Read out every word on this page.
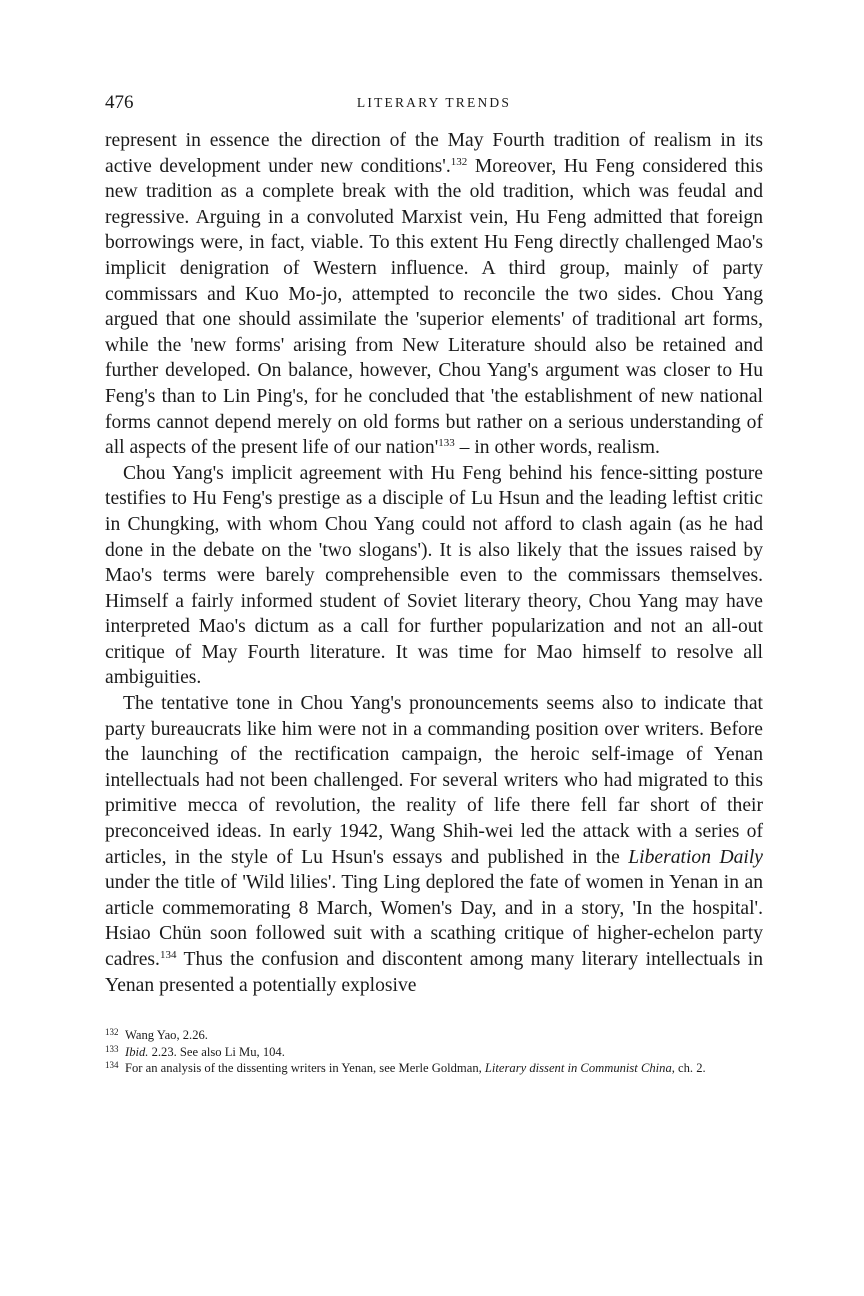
476	LITERARY TRENDS

represent in essence the direction of the May Fourth tradition of realism in its active development under new conditions'.$^{132}$ Moreover, Hu Feng considered this new tradition as a complete break with the old tradition, which was feudal and regressive. Arguing in a convoluted Marxist vein, Hu Feng admitted that foreign borrowings were, in fact, viable. To this extent Hu Feng directly challenged Mao's implicit denigration of Western influence. A third group, mainly of party commissars and Kuo Mo-jo, attempted to reconcile the two sides. Chou Yang argued that one should assimilate the 'superior elements' of traditional art forms, while the 'new forms' arising from New Literature should also be retained and further developed. On balance, however, Chou Yang's argument was closer to Hu Feng's than to Lin Ping's, for he concluded that 'the establishment of new national forms cannot depend merely on old forms but rather on a serious understanding of all aspects of the present life of our nation'$^{133}$ – in other words, realism.

Chou Yang's implicit agreement with Hu Feng behind his fence-sitting posture testifies to Hu Feng's prestige as a disciple of Lu Hsun and the leading leftist critic in Chungking, with whom Chou Yang could not afford to clash again (as he had done in the debate on the 'two slogans'). It is also likely that the issues raised by Mao's terms were barely comprehensible even to the commissars themselves. Himself a fairly informed student of Soviet literary theory, Chou Yang may have interpreted Mao's dictum as a call for further popularization and not an all-out critique of May Fourth literature. It was time for Mao himself to resolve all ambiguities.

The tentative tone in Chou Yang's pronouncements seems also to indicate that party bureaucrats like him were not in a commanding position over writers. Before the launching of the rectification campaign, the heroic self-image of Yenan intellectuals had not been challenged. For several writers who had migrated to this primitive mecca of revolution, the reality of life there fell far short of their preconceived ideas. In early 1942, Wang Shih-wei led the attack with a series of articles, in the style of Lu Hsun's essays and published in the Liberation Daily under the title of 'Wild lilies'. Ting Ling deplored the fate of women in Yenan in an article commemorating 8 March, Women's Day, and in a story, 'In the hospital'. Hsiao Chün soon followed suit with a scathing critique of higher-echelon party cadres.$^{134}$ Thus the confusion and discontent among many literary intellectuals in Yenan presented a potentially explosive

132 Wang Yao, 2.26.

133 Ibid. 2.23. See also Li Mu, 104.

134 For an analysis of the dissenting writers in Yenan, see Merle Goldman, Literary dissent in Communist China, ch. 2.
